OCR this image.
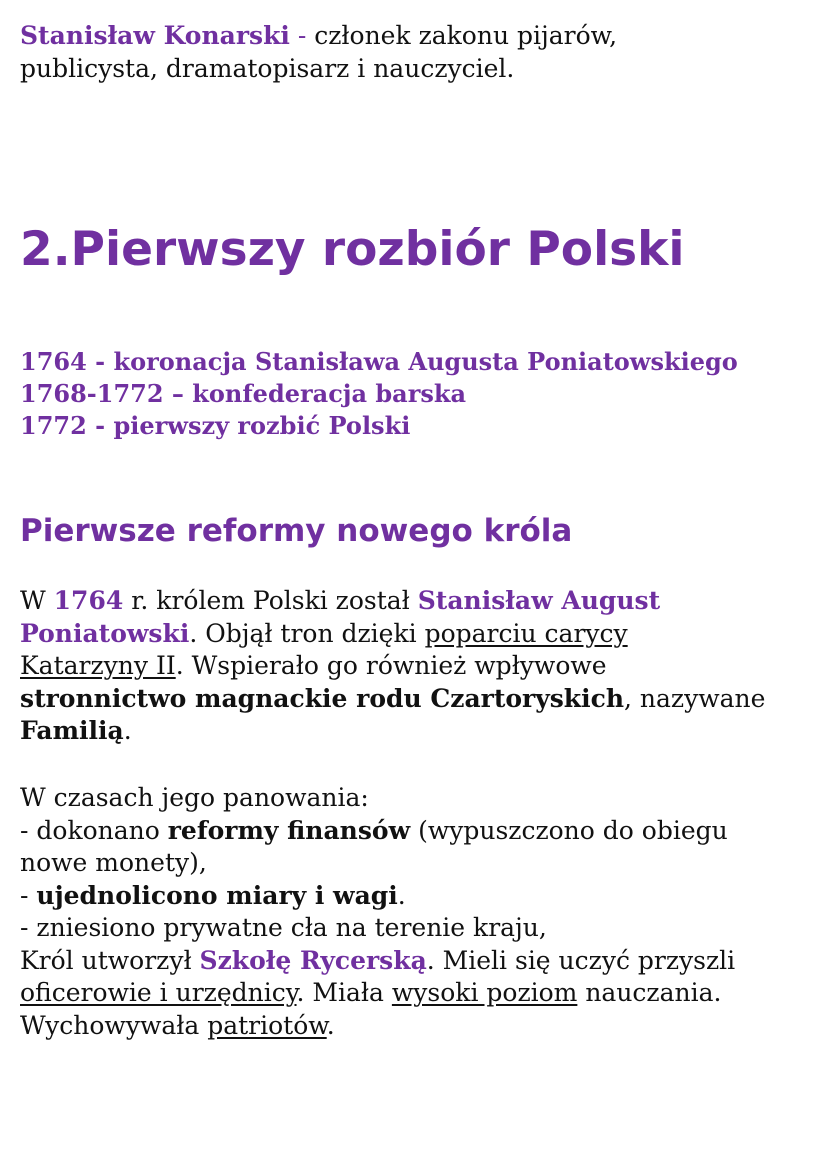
Stanisław Konarski - członek zakonu pijarów,
publicysta, dramatopisarz i nauczyciel.

2.Pierwszy rozbiór Polski
1764 - koronacja Stanisława Augusta Poniatowskiego
1768-1772 – konfederacja barska
1772 - pierwszy rozbić Polski
Pierwsze reformy nowego króla

W 1764 r. królem Polski został Stanisław August
Poniatowski. Objął tron dzięki poparciu carycy
Katarzyny II. Wspierało go również wpływowe
stronnictwo magnackie rodu Czartoryskich, nazywane
Familią.

W czasach jego panowania:
- dokonano reformy finansów (wypuszczono do obiegu
nowe monety),
- ujednolicono miary i wagi.
- zniesiono prywatne cła na terenie kraju,
Król utworzył Szkołę Rycerską. Mieli się uczyć przyszli
oficerowie i urzędnicy. Miała wysoki poziom nauczania.
Wychowywała patriotów.
